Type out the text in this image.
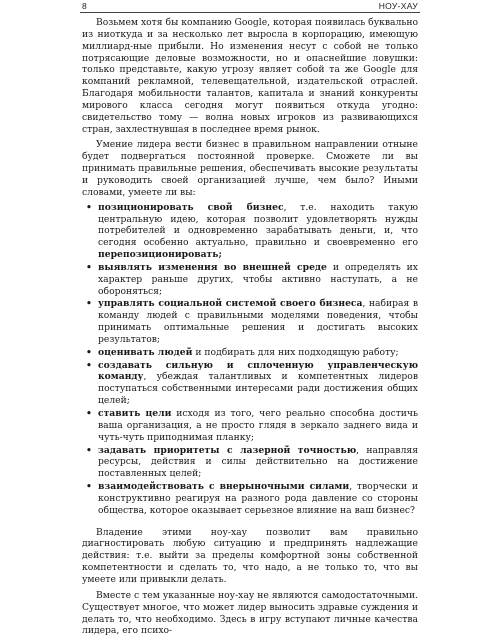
8	НОУ-ХАУ

Возьмем хотя бы компанию Google, которая появилась буквально из ниоткуда и за несколько лет выросла в корпорацию, имеющую миллиард-ные прибыли. Но изменения несут с собой не только потрясающие деловые возможности, но и опаснейшие ловушки: только представьте, какую угрозу являет собой та же Google для компаний рекламной, телевещательной, издательской отраслей. Благодаря мобильности талантов, капитала и знаний конкуренты мирового класса сегодня могут появиться откуда угодно: свидетельство тому — волна новых игроков из развивающихся стран, захлестнувшая в последнее время рынок.

Умение лидера вести бизнес в правильном направлении отныне будет подвергаться постоянной проверке. Сможете ли вы принимать правильные решения, обеспечивать высокие результаты и руководить своей организацией лучше, чем было? Иными словами, умеете ли вы:

• позиционировать свой бизнес, т.е. находить такую центральную идею, которая позволит удовлетворять нужды потребителей и одновременно зарабатывать деньги, и, что сегодня особенно актуально, правильно и своевременно его перепозиционировать;
• выявлять изменения во внешней среде и определять их характер раньше других, чтобы активно наступать, а не обороняться;
• управлять социальной системой своего бизнеса, набирая в команду людей с правильными моделями поведения, чтобы принимать оптимальные решения и достигать высоких результатов;
• оценивать людей и подбирать для них подходящую работу;
• создавать сильную и сплоченную управленческую команду, убеждая талантливых и компетентных лидеров поступаться собственными интересами ради достижения общих целей;
• ставить цели исходя из того, чего реально способна достичь ваша организация, а не просто глядя в зеркало заднего вида и чуть-чуть приподнимая планку;
• задавать приоритеты с лазерной точностью, направляя ресурсы, действия и силы действительно на достижение поставленных целей;
• взаимодействовать с внерыночными силами, творчески и конструктивно реагируя на разного рода давление со стороны общества, которое оказывает серьезное влияние на ваш бизнес?

Владение этими ноу-хау позволит вам правильно диагностировать любую ситуацию и предпринять надлежащие действия: т.е. выйти за пределы комфортной зоны собственной компетентности и сделать то, что надо, а не только то, что вы умеете или привыкли делать.

Вместе с тем указанные ноу-хау не являются самодостаточными. Существует многое, что может лидер выносить здравые суждения и делать то, что необходимо. Здесь в игру вступают личные качества лидера, его психо-
